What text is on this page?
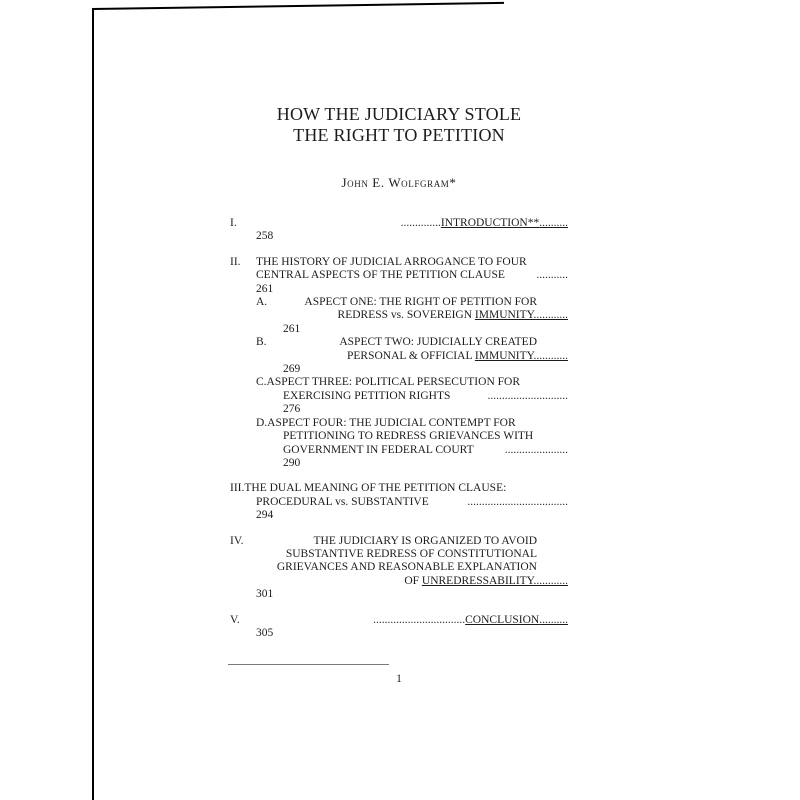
HOW THE JUDICIARY STOLE
THE RIGHT TO PETITION
John E. Wolfgram*
I.	..............INTRODUCTION**..........
258
II. THE HISTORY OF JUDICIAL ARROGANCE TO FOUR
CENTRAL ASPECTS OF THE PETITION CLAUSE	...........
261
A.	ASPECT ONE: THE RIGHT OF PETITION FOR
REDRESS vs. SOVEREIGN IMMUNITY............
261
B.	ASPECT TWO: JUDICIALLY CREATED
PERSONAL & OFFICIAL IMMUNITY............
269
C.ASPECT THREE: POLITICAL PERSECUTION FOR
EXERCISING PETITION RIGHTS	............................
276
D.ASPECT FOUR: THE JUDICIAL CONTEMPT FOR
PETITIONING TO REDRESS GRIEVANCES WITH
GOVERNMENT IN FEDERAL COURT	......................
290
III.THE DUAL MEANING OF THE PETITION CLAUSE:
PROCEDURAL vs. SUBSTANTIVE	...................................
294
IV.	THE JUDICIARY IS ORGANIZED TO AVOID
SUBSTANTIVE REDRESS OF CONSTITUTIONAL
GRIEVANCES AND REASONABLE EXPLANATION
OF UNREDRESSABILITY............
301
V.	................................CONCLUSION..........
305
1
